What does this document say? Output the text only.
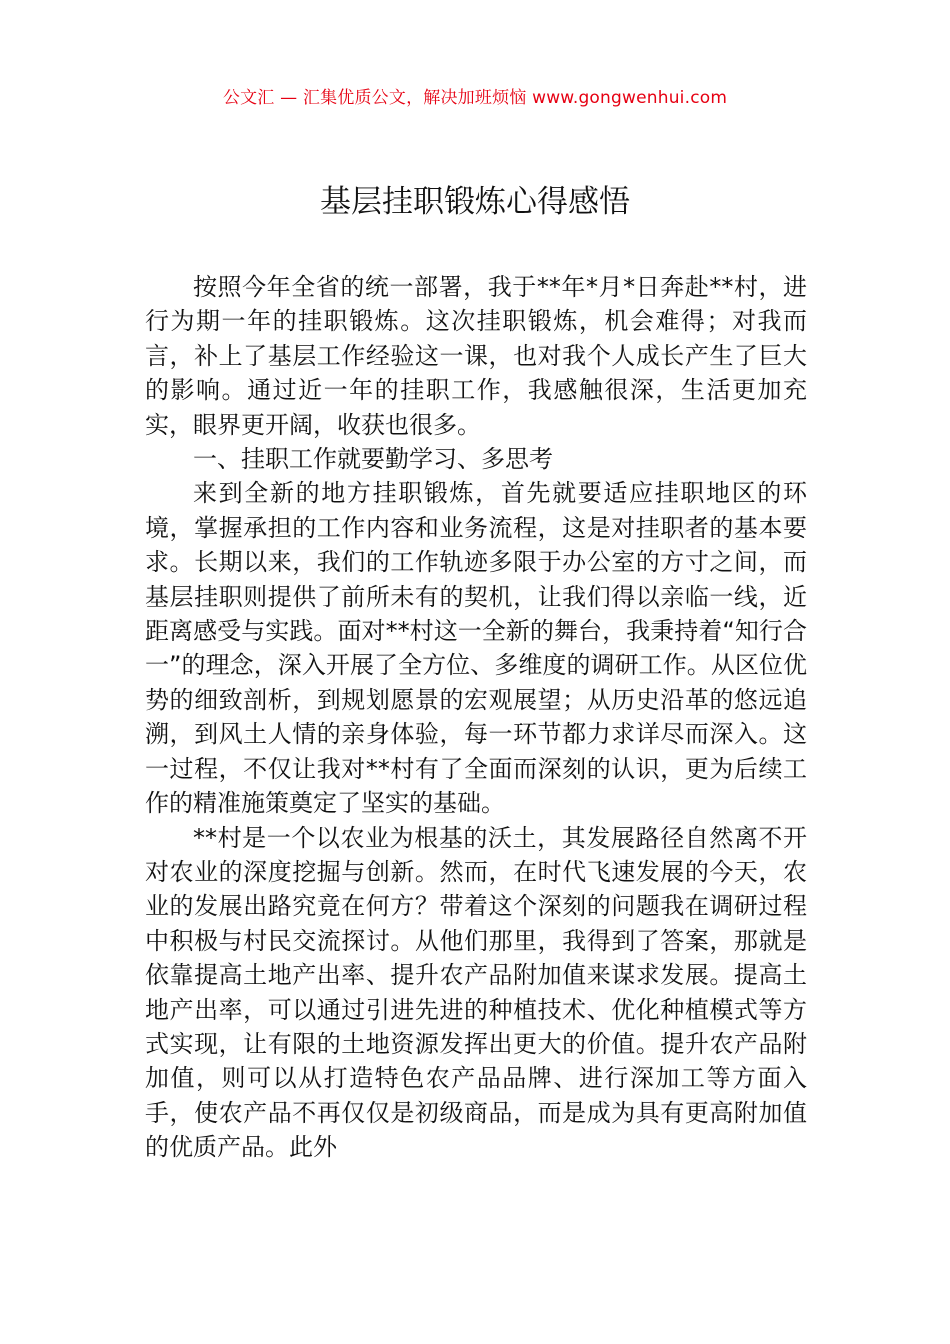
公文汇 — 汇集优质公文，解决加班烦恼 www.gongwenhui.com
基层挂职锻炼心得感悟

按照今年全省的统一部署，我于**年*月*日奔赴**村，进行为期一年的挂职锻炼。这次挂职锻炼，机会难得；对我而言，补上了基层工作经验这一课，也对我个人成长产生了巨大的影响。通过近一年的挂职工作，我感触很深，生活更加充实，眼界更开阔，收获也很多。

一、挂职工作就要勤学习、多思考

来到全新的地方挂职锻炼，首先就要适应挂职地区的环境，掌握承担的工作内容和业务流程，这是对挂职者的基本要求。长期以来，我们的工作轨迹多限于办公室的方寸之间，而基层挂职则提供了前所未有的契机，让我们得以亲临一线，近距离感受与实践。面对**村这一全新的舞台，我秉持着“知行合一”的理念，深入开展了全方位、多维度的调研工作。从区位优势的细致剖析，到规划愿景的宏观展望；从历史沿革的悠远追溯，到风土人情的亲身体验，每一环节都力求详尽而深入。这一过程，不仅让我对**村有了全面而深刻的认识，更为后续工作的精准施策奠定了坚实的基础。

**村是一个以农业为根基的沃土，其发展路径自然离不开对农业的深度挖掘与创新。然而，在时代飞速发展的今天，农业的发展出路究竟在何方？带着这个深刻的问题我在调研过程中积极与村民交流探讨。从他们那里，我得到了答案，那就是依靠提高土地产出率、提升农产品附加值来谋求发展。提高土地产出率，可以通过引进先进的种植技术、优化种植模式等方式实现，让有限的土地资源发挥出更大的价值。提升农产品附加值，则可以从打造特色农产品品牌、进行深加工等方面入手，使农产品不再仅仅是初级商品，而是成为具有更高附加值的优质产品。此外
